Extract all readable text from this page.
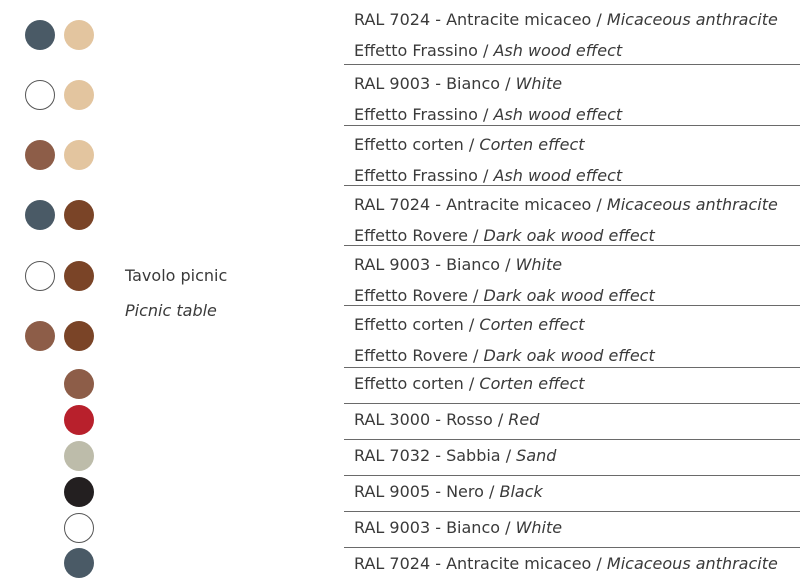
Tavolo picnic
Picnic table
RAL 7024 - Antracite micaceo / Micaceous anthracite
Effetto Frassino / Ash wood effect
RAL 9003 - Bianco / White
Effetto Frassino / Ash wood effect
Effetto corten / Corten effect
Effetto Frassino / Ash wood effect
RAL 7024 - Antracite micaceo / Micaceous anthracite
Effetto Rovere / Dark oak wood effect
RAL 9003 - Bianco / White
Effetto Rovere / Dark oak wood effect
Effetto corten / Corten effect
Effetto Rovere / Dark oak wood effect
Effetto corten / Corten effect
RAL 3000 - Rosso / Red
RAL 7032 - Sabbia / Sand
RAL 9005 - Nero / Black
RAL 9003 - Bianco / White
RAL 7024 - Antracite micaceo / Micaceous anthracite
